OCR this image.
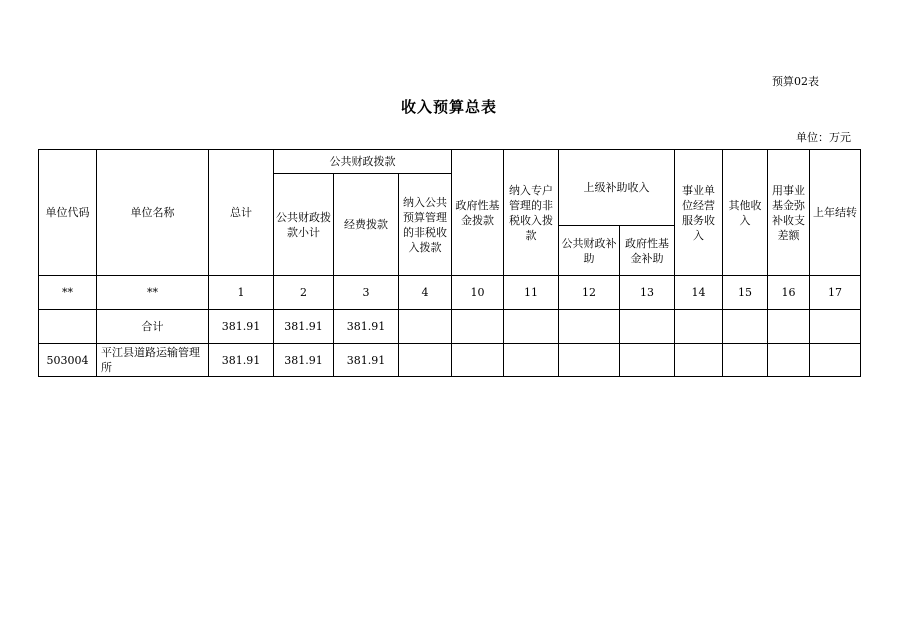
预算02表
收入预算总表
单位：万元
单位代码	单位名称	总计	公共财政拨款			政府性基金拨款	纳入专户管理的非税收入拨款	上级补助收入		事业单位经营服务收入	其他收入	用事业基金弥补收支差额	上年结转
			公共财政拨款小计	经费拨款	纳入公共预算管理的非税收入拨款								
								公共财政补助	政府性基金补助				
**	**	1	2	3	4	10	11	12	13	14	15	16	17
	合计	381.91	381.91	381.91									
503004	平江县道路运输管理所	381.91	381.91	381.91									
